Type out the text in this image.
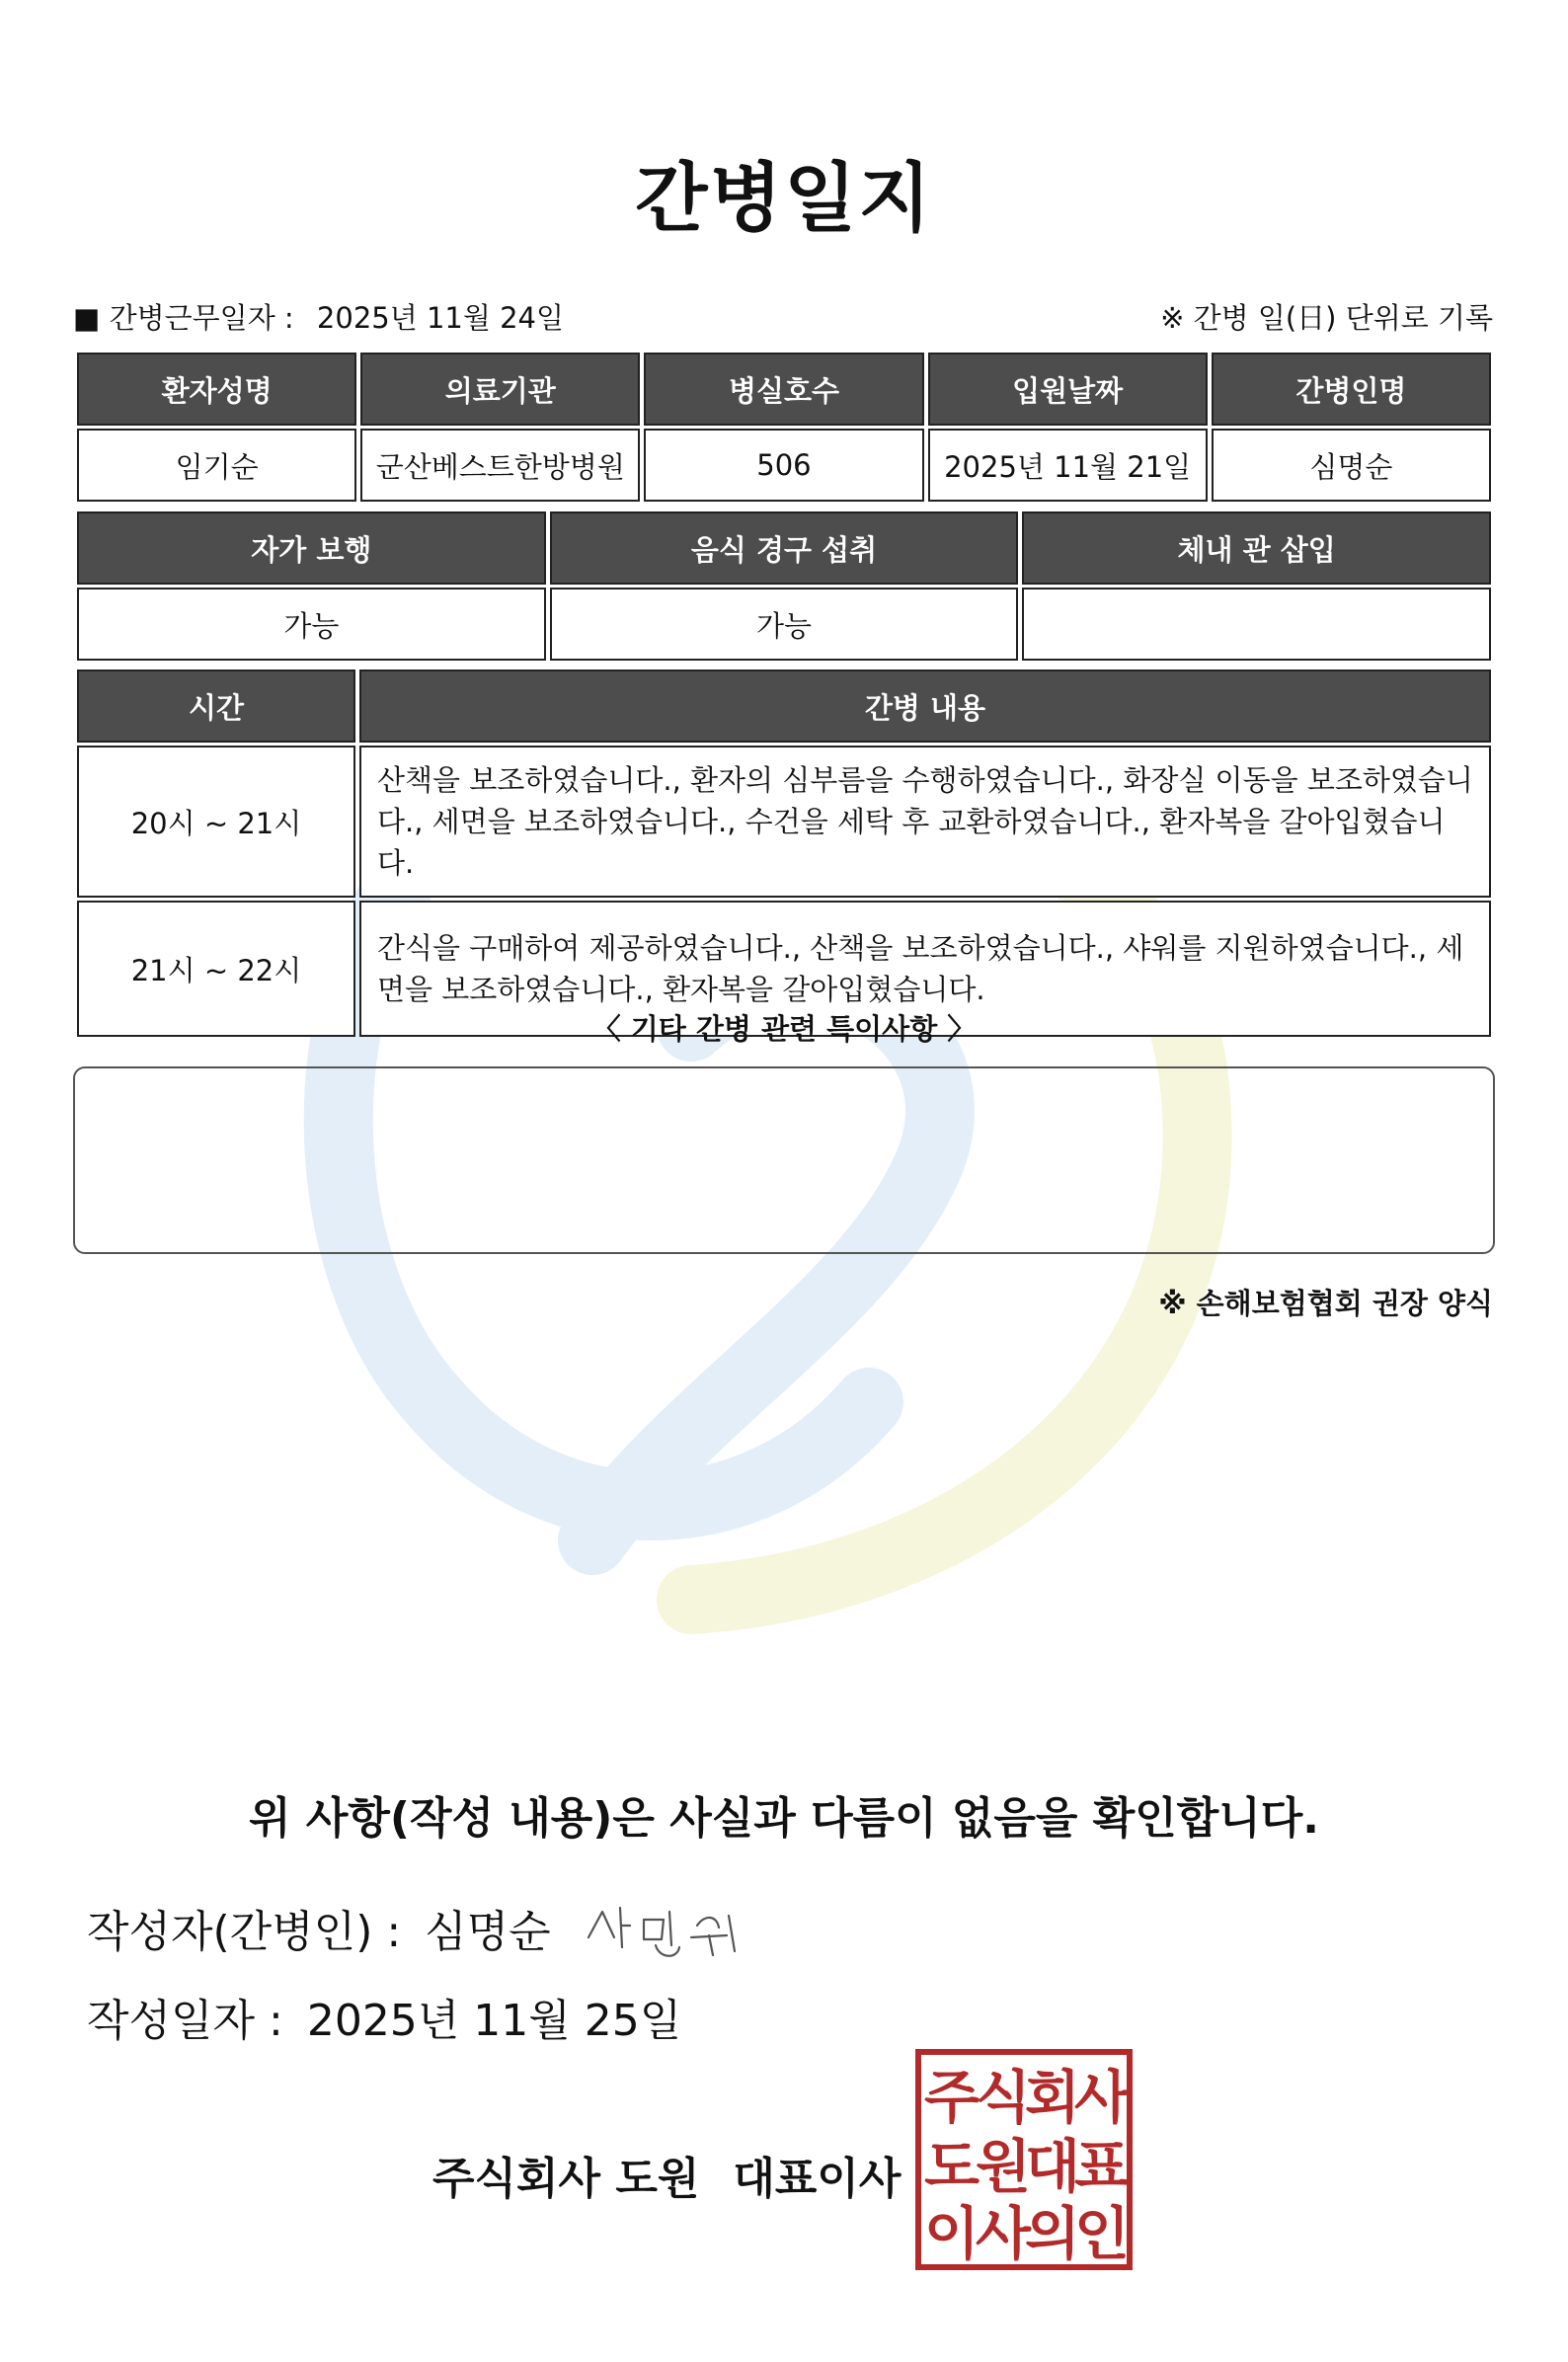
간병일지
■ 간병근무일자 : 2025년 11월 24일	※ 간병 일(日) 단위로 기록
환자성명	의료기관	병실호수	입원날짜	간병인명
임기순	군산베스트한방병원	506	2025년 11월 21일	심명순
자가 보행	음식 경구 섭취	체내 관 삽입
가능	가능	
시간	간병 내용
20시 ~ 21시	산책을 보조하였습니다., 환자의 심부름을 수행하였습니다., 화장실 이동을 보조하였습니다., 세면을 보조하였습니다., 수건을 세탁 후 교환하였습니다., 환자복을 갈아입혔습니다.
21시 ~ 22시	간식을 구매하여 제공하였습니다., 산책을 보조하였습니다., 샤워를 지원하였습니다., 세면을 보조하였습니다., 환자복을 갈아입혔습니다.
〈 기타 간병 관련 특이사항 〉
※ 손해보험협회 권장 양식
위 사항(작성 내용)은 사실과 다름이 없음을 확인합니다.
작성자(간병인) : 심명순
작성일자 : 2025년 11월 25일
주식회사 도원 대표이사
주
식
회
사
도
원
대
표
이
사
의
인
